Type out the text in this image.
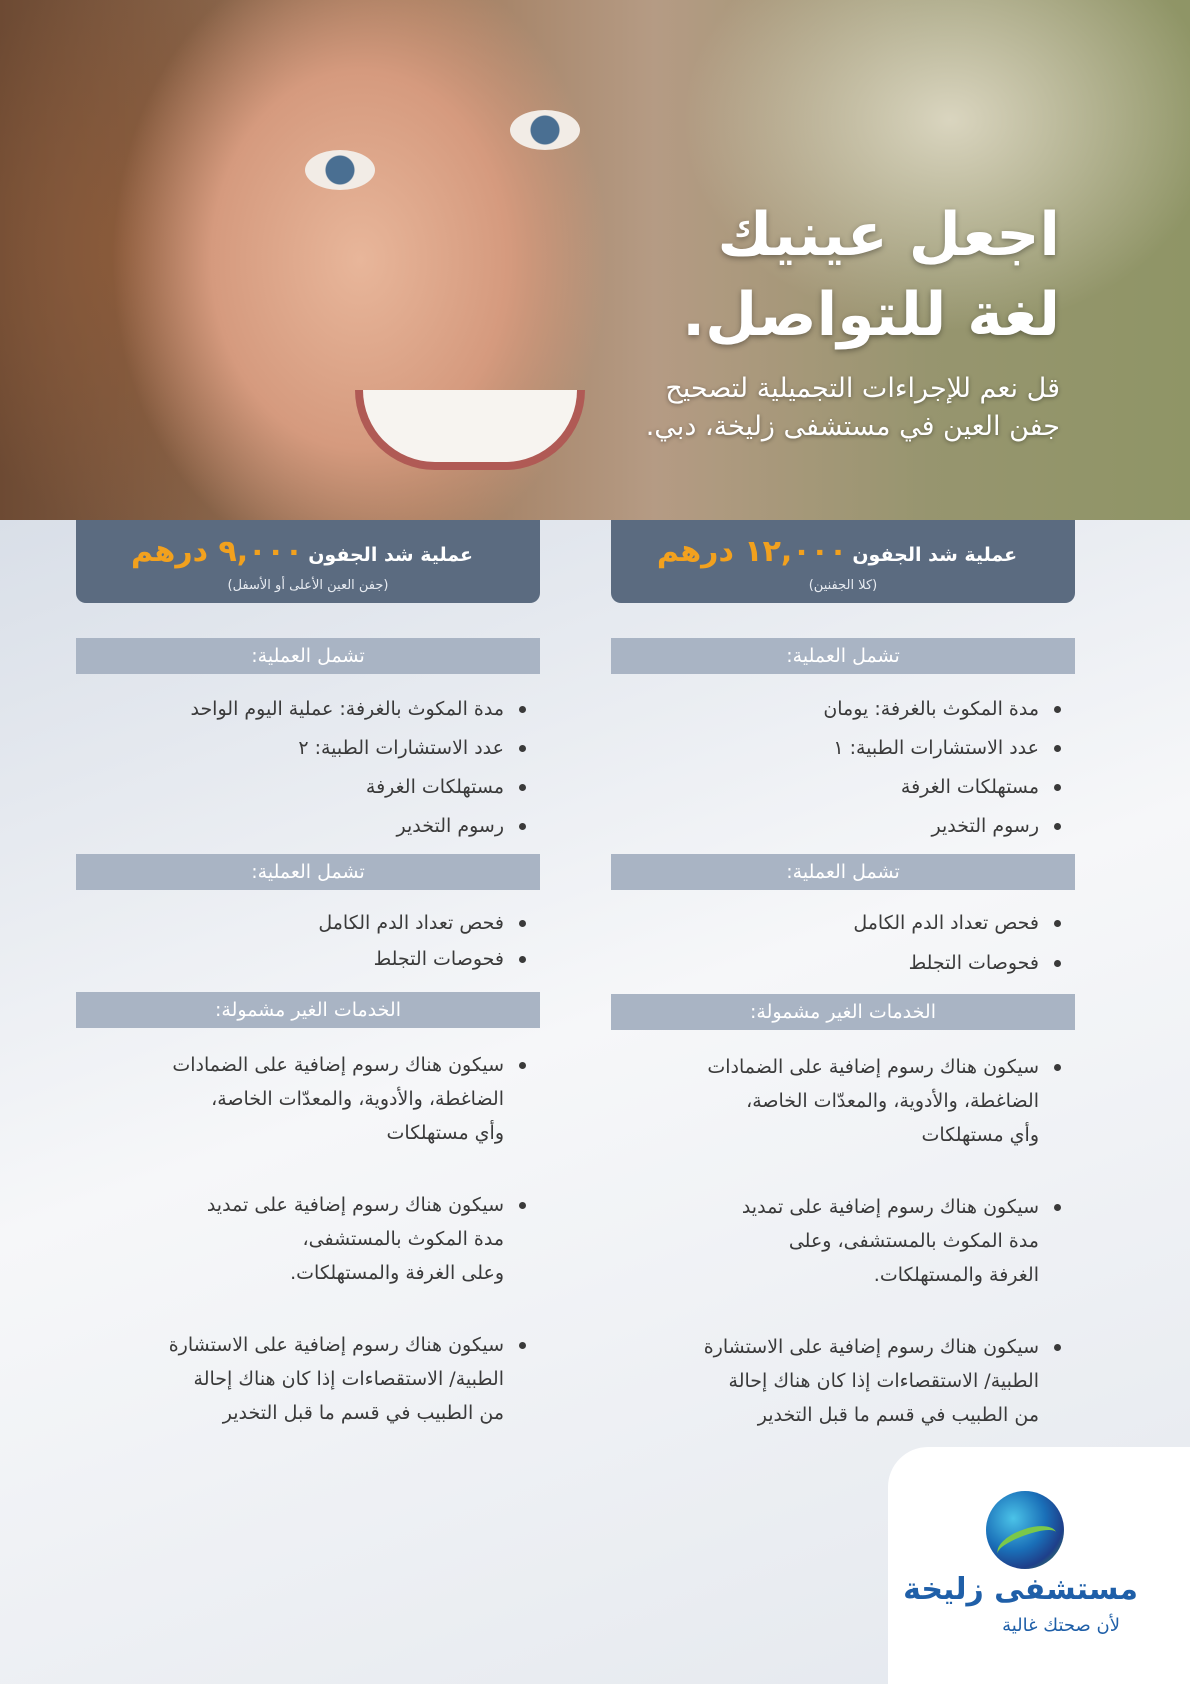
اجعل عينيك
لغة للتواصل.
قل نعم للإجراءات التجميلية لتصحيح
جفن العين في مستشفى زليخة، دبي.
عملية شد الجفون ١٢,٠٠٠ درهم
(كلا الجفنين)
تشمل العملية:
مدة المكوث بالغرفة: يومان
عدد الاستشارات الطبية: ١
مستهلكات الغرفة
رسوم التخدير
تشمل العملية:
فحص تعداد الدم الكامل
فحوصات التجلط
الخدمات الغير مشمولة:
سيكون هناك رسوم إضافية على الضمادات
الضاغطة، والأدوية، والمعدّات الخاصة،
وأي مستهلكات
سيكون هناك رسوم إضافية على تمديد
مدة المكوث بالمستشفى، وعلى
الغرفة والمستهلكات.
سيكون هناك رسوم إضافية على الاستشارة
الطبية/ الاستقصاءات إذا كان هناك إحالة
من الطبيب في قسم ما قبل التخدير
عملية شد الجفون ٩,٠٠٠ درهم
(جفن العين الأعلى أو الأسفل)
تشمل العملية:
مدة المكوث بالغرفة: عملية اليوم الواحد
عدد الاستشارات الطبية: ٢
مستهلكات الغرفة
رسوم التخدير
تشمل العملية:
فحص تعداد الدم الكامل
فحوصات التجلط
الخدمات الغير مشمولة:
سيكون هناك رسوم إضافية على الضمادات
الضاغطة، والأدوية، والمعدّات الخاصة،
وأي مستهلكات
سيكون هناك رسوم إضافية على تمديد
مدة المكوث بالمستشفى،
وعلى الغرفة والمستهلكات.
سيكون هناك رسوم إضافية على الاستشارة
الطبية/ الاستقصاءات إذا كان هناك إحالة
من الطبيب في قسم ما قبل التخدير
مستشفى زليخة
لأن صحتك غالية
